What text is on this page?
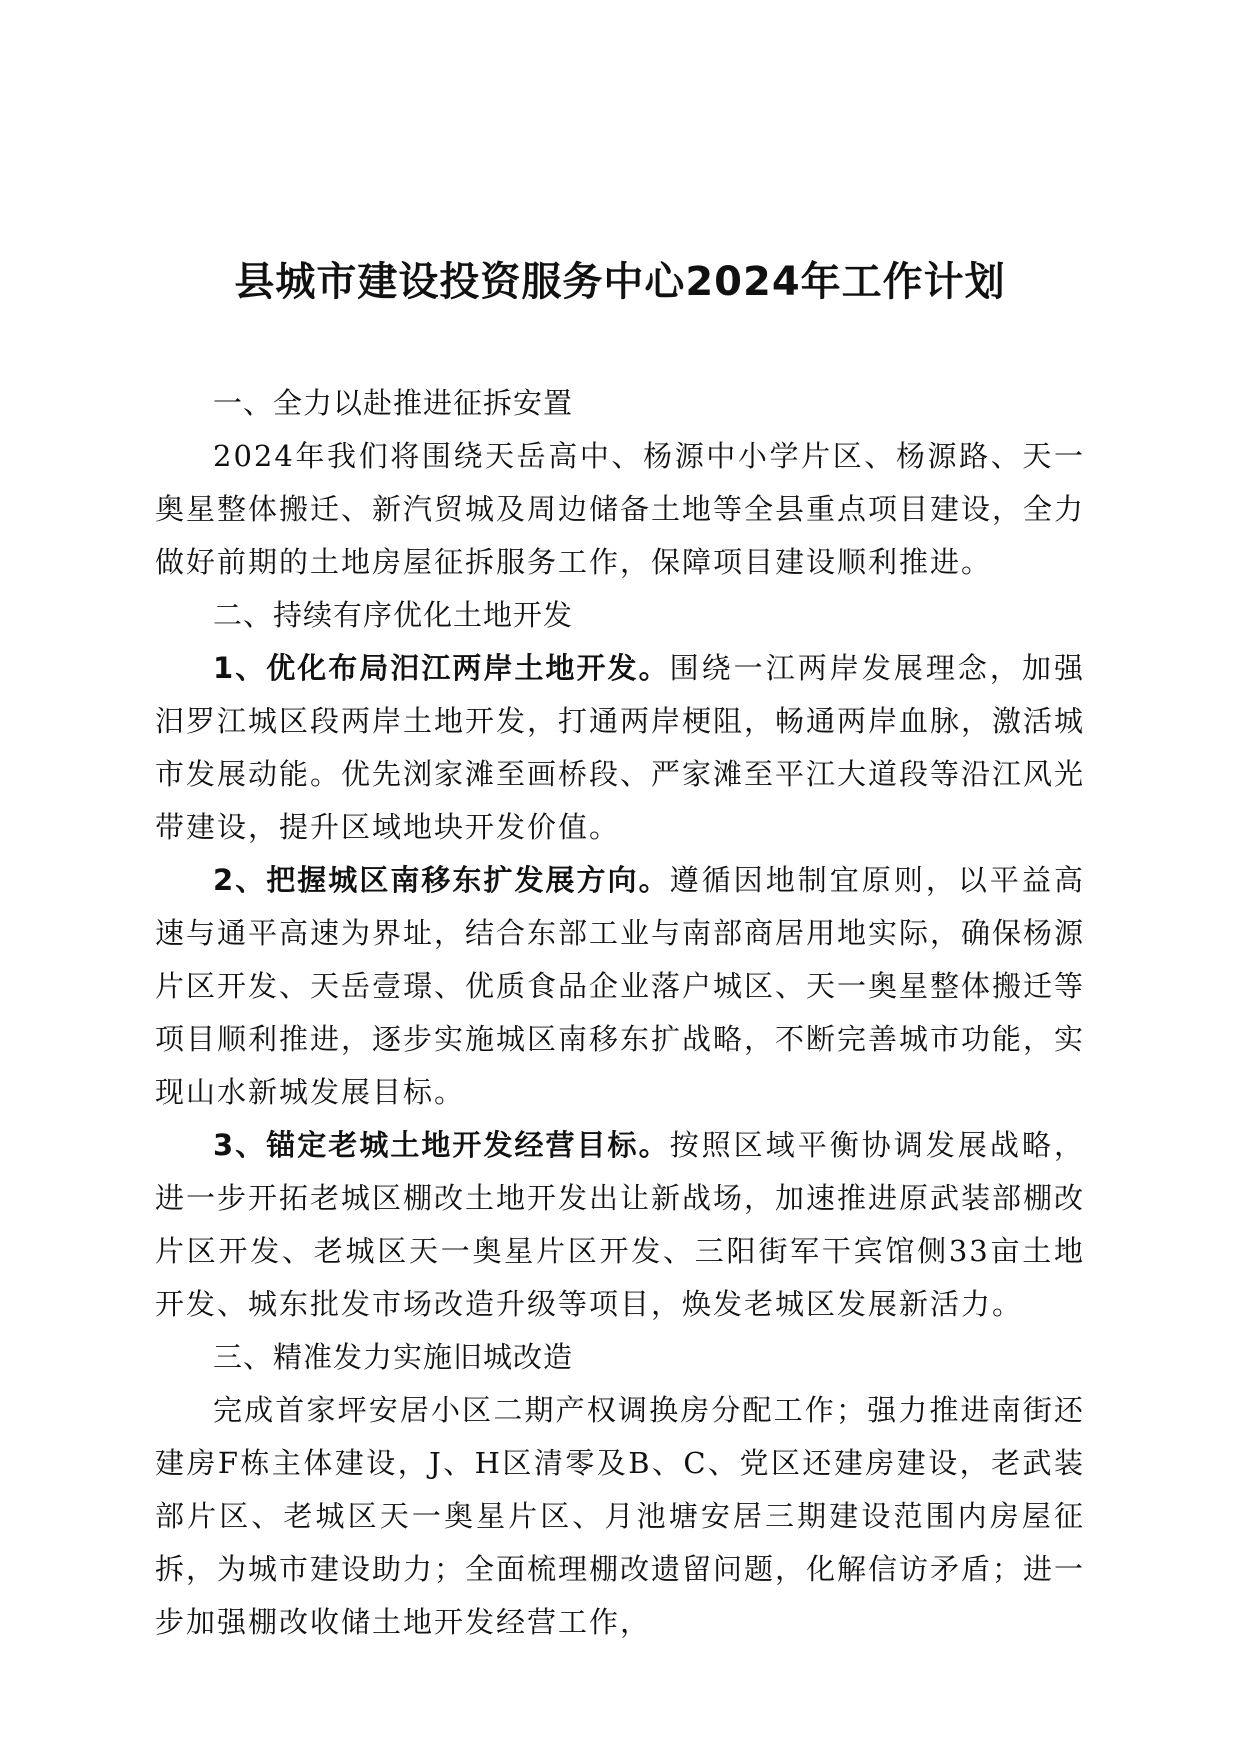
县城市建设投资服务中心2024年工作计划

一、全力以赴推进征拆安置

2024年我们将围绕天岳高中、杨源中小学片区、杨源路、天一奥星整体搬迁、新汽贸城及周边储备土地等全县重点项目建设，全力做好前期的土地房屋征拆服务工作，保障项目建设顺利推进。

二、持续有序优化土地开发

1、优化布局汨江两岸土地开发。围绕一江两岸发展理念，加强汨罗江城区段两岸土地开发，打通两岸梗阻，畅通两岸血脉，激活城市发展动能。优先浏家滩至画桥段、严家滩至平江大道段等沿江风光带建设，提升区域地块开发价值。

2、把握城区南移东扩发展方向。遵循因地制宜原则，以平益高速与通平高速为界址，结合东部工业与南部商居用地实际，确保杨源片区开发、天岳壹璟、优质食品企业落户城区、天一奥星整体搬迁等项目顺利推进，逐步实施城区南移东扩战略，不断完善城市功能，实现山水新城发展目标。

3、锚定老城土地开发经营目标。按照区域平衡协调发展战略，进一步开拓老城区棚改土地开发出让新战场，加速推进原武装部棚改片区开发、老城区天一奥星片区开发、三阳街军干宾馆侧33亩土地开发、城东批发市场改造升级等项目，焕发老城区发展新活力。

三、精准发力实施旧城改造

完成首家坪安居小区二期产权调换房分配工作；强力推进南街还建房F栋主体建设，J、H区清零及B、C、党区还建房建设，老武装部片区、老城区天一奥星片区、月池塘安居三期建设范围内房屋征拆，为城市建设助力；全面梳理棚改遗留问题，化解信访矛盾；进一步加强棚改收储土地开发经营工作，
